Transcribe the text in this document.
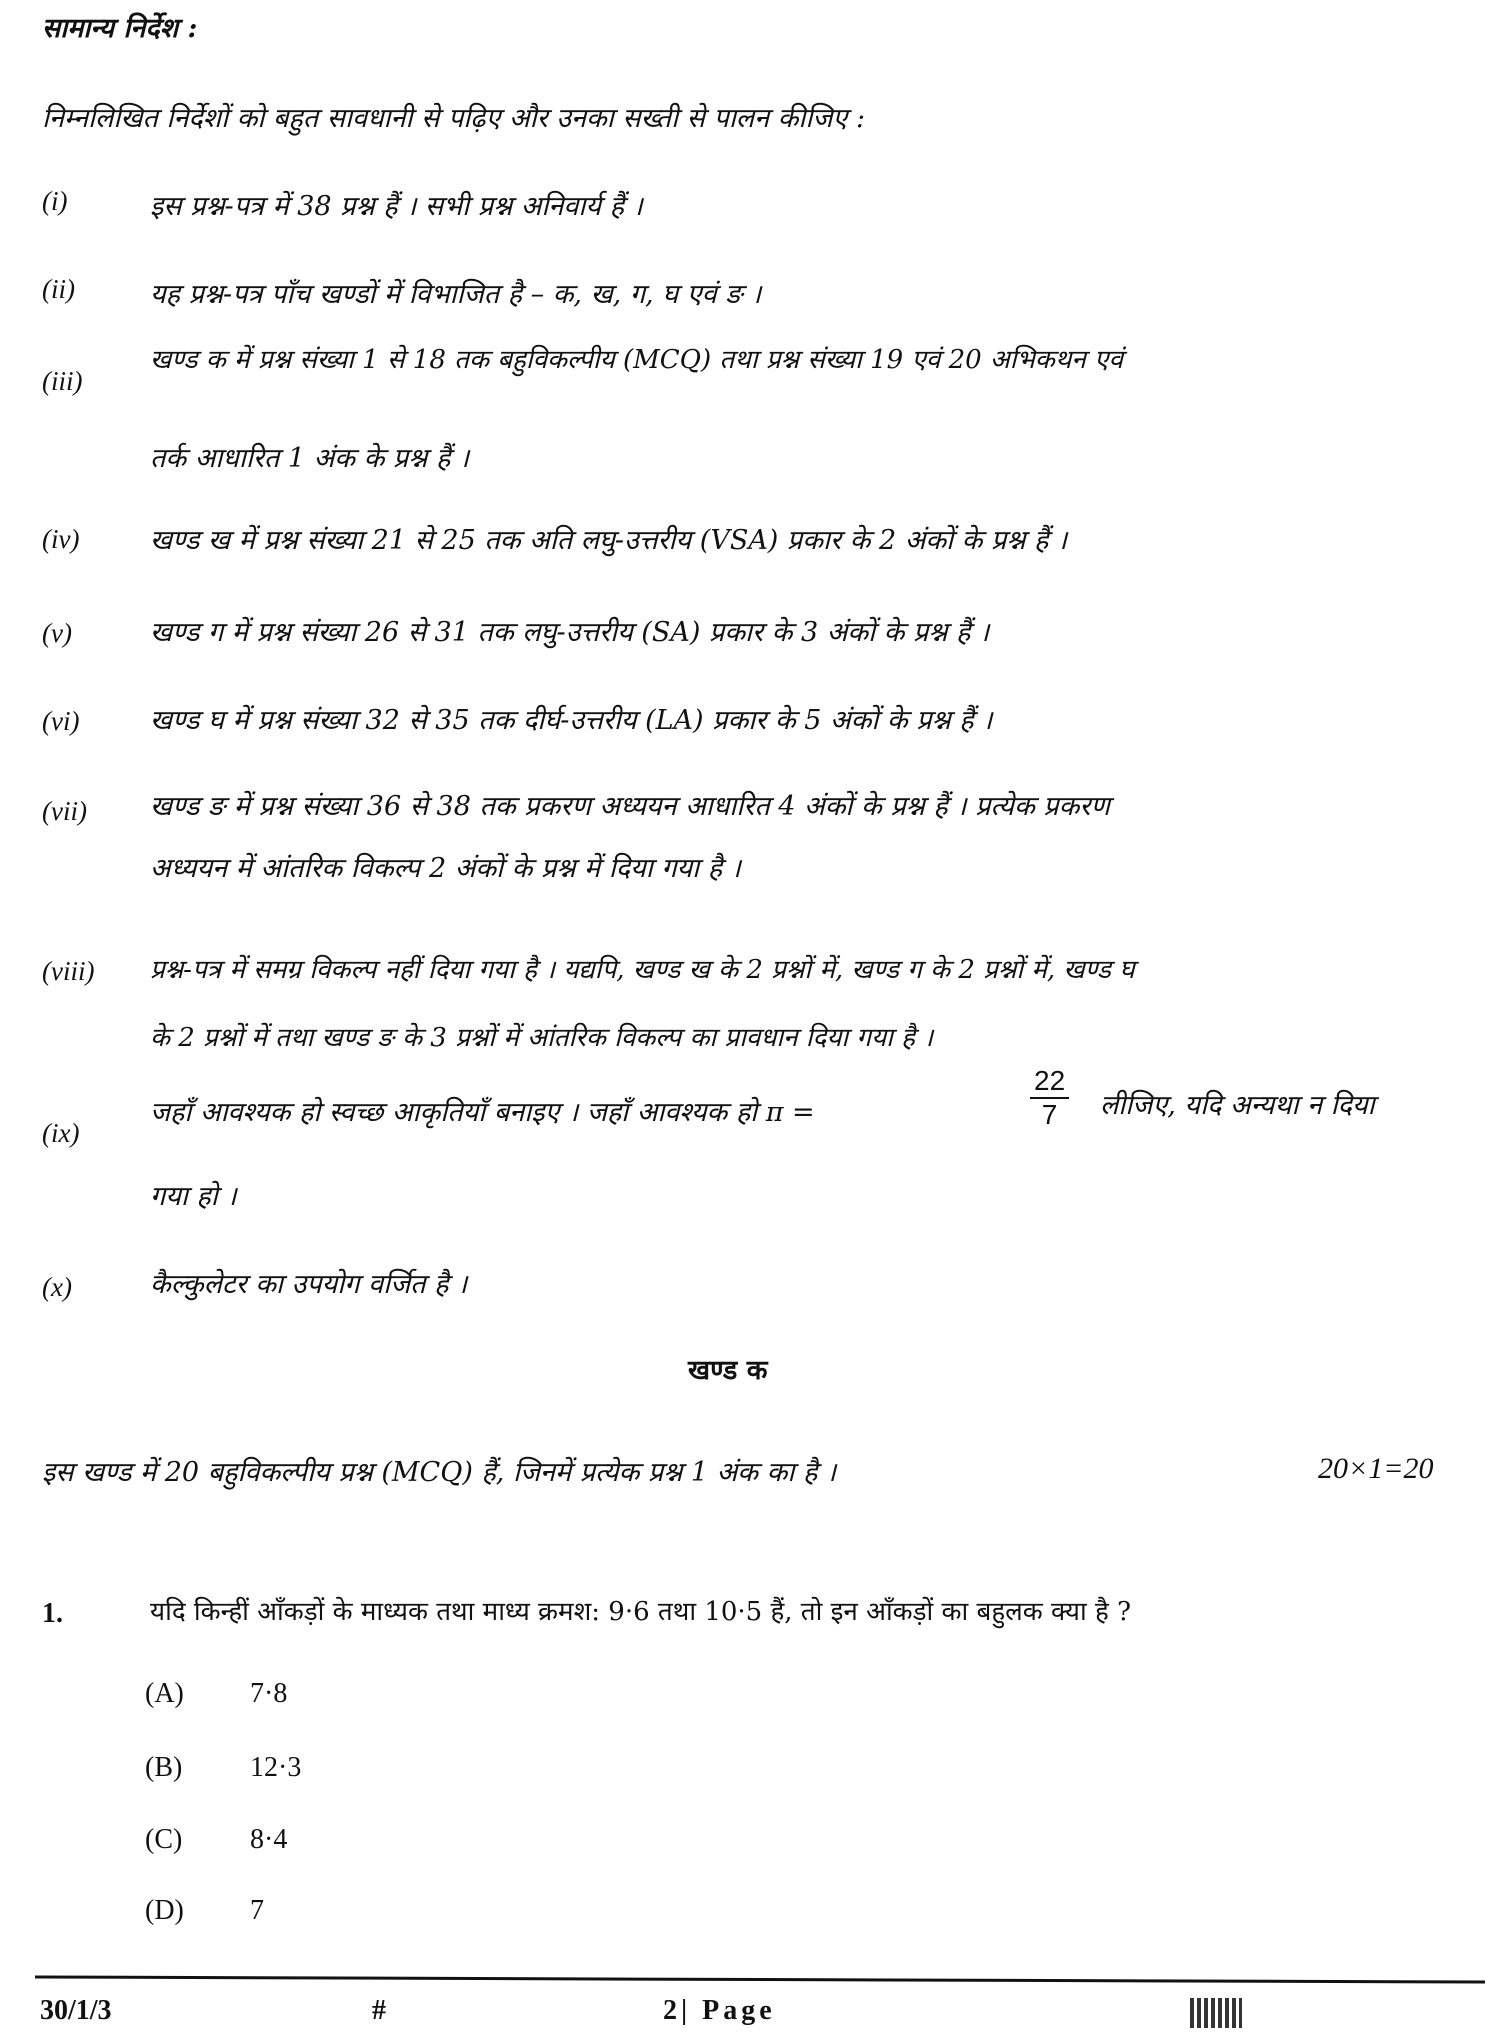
सामान्य निर्देश :
निम्नलिखित निर्देशों को बहुत सावधानी से पढ़िए और उनका सख्ती से पालन कीजिए :
(i)	इस प्रश्न-पत्र में 38 प्रश्न हैं । सभी प्रश्न अनिवार्य हैं ।
(ii)	यह प्रश्न-पत्र पाँच खण्डों में विभाजित है – क, ख, ग, घ एवं ङ ।
(iii)
खण्ड क में प्रश्न संख्या 1 से 18 तक बहुविकल्पीय (MCQ) तथा प्रश्न संख्या 19 एवं 20 अभिकथन एवं
तर्क आधारित 1 अंक के प्रश्न हैं ।
(iv)	खण्ड ख में प्रश्न संख्या 21 से 25 तक अति लघु-उत्तरीय (VSA) प्रकार के 2 अंकों के प्रश्न हैं ।
(v)	खण्ड ग में प्रश्न संख्या 26 से 31 तक लघु-उत्तरीय (SA) प्रकार के 3 अंकों के प्रश्न हैं ।
(vi)	खण्ड घ में प्रश्न संख्या 32 से 35 तक दीर्घ-उत्तरीय (LA) प्रकार के 5 अंकों के प्रश्न हैं ।
(vii) खण्ड ङ में प्रश्न संख्या 36 से 38 तक प्रकरण अध्ययन आधारित 4 अंकों के प्रश्न हैं । प्रत्येक प्रकरण
अध्ययन में आंतरिक विकल्प 2 अंकों के प्रश्न में दिया गया है ।
(viii) प्रश्न-पत्र में समग्र विकल्प नहीं दिया गया है । यद्यपि, खण्ड ख के 2 प्रश्नों में, खण्ड ग के 2 प्रश्नों में, खण्ड घ
के 2 प्रश्नों में तथा खण्ड ङ के 3 प्रश्नों में आंतरिक विकल्प का प्रावधान दिया गया है ।
(ix)
जहाँ आवश्यक हो स्वच्छ आकृतियाँ बनाइए । जहाँ आवश्यक हो π =	$\frac{22}{7}$ लीजिए, यदि अन्यथा न दिया
गया हो ।
(x)	कैल्कुलेटर का उपयोग वर्जित है ।
खण्ड क
इस खण्ड में 20 बहुविकल्पीय प्रश्न (MCQ) हैं, जिनमें प्रत्येक प्रश्न 1 अंक का है ।	20×1=20
1.	यदि किन्हीं आँकड़ों के माध्यक तथा माध्य क्रमश: 9·6 तथा 10·5 हैं, तो इन आँकड़ों का बहुलक क्या है ?
(A) 7·8
(B) 12·3
(C) 8·4
(D) 7
30/1/3	#	2| Page
